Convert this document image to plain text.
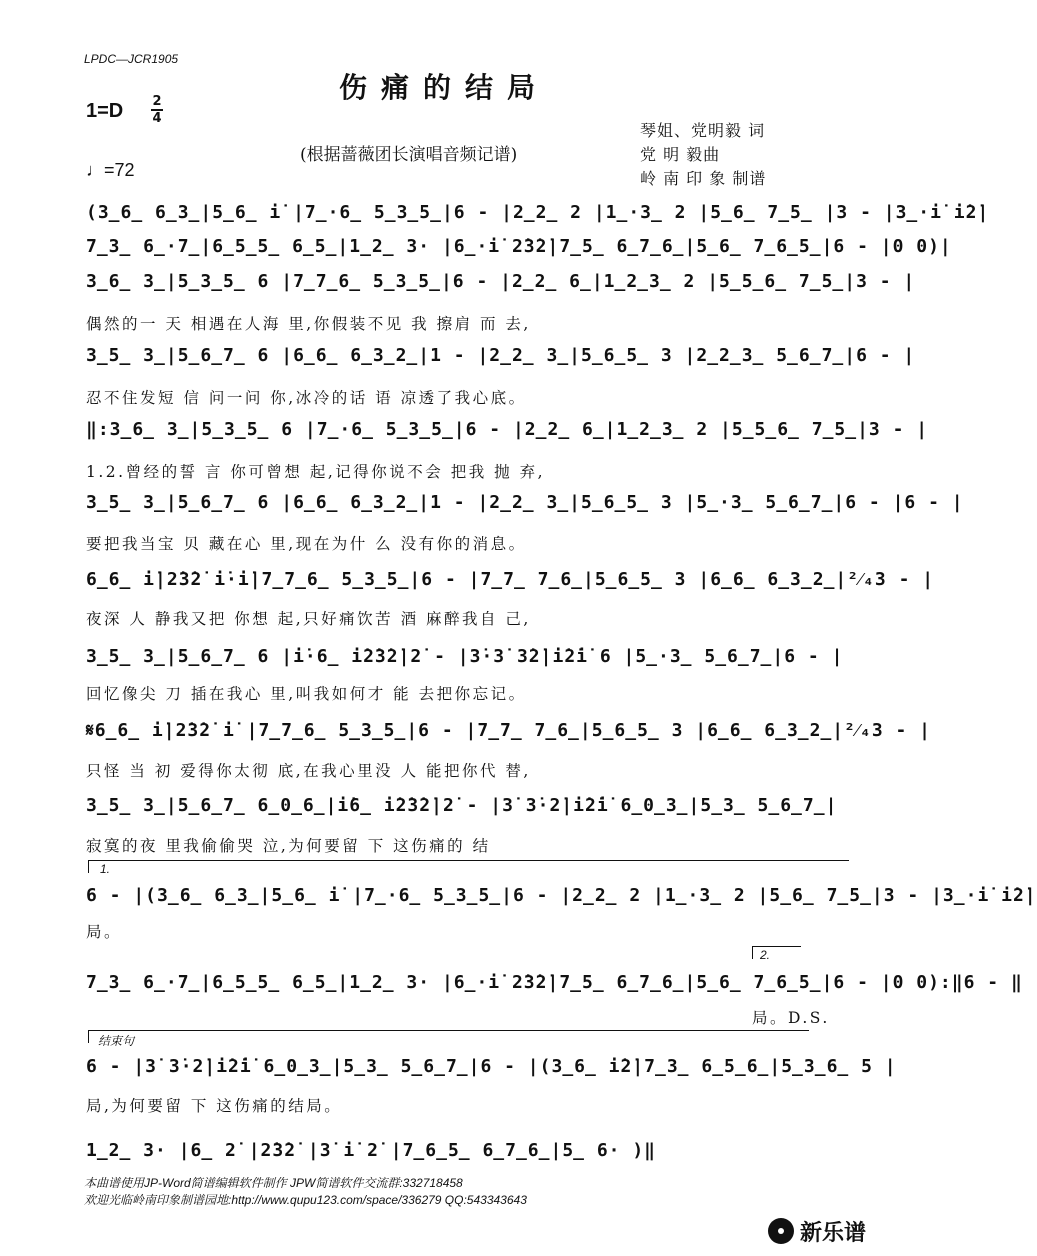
LPDC—JCR1905
伤痛的结局
1=D 2
4
(根据蔷薇团长演唱音频记谱)
♩=72
琴姐、党明毅 词
党 明 毅曲
岭 南 印 象 制谱
(3̲6̲ 6̲3̲|5̲6̲ i̇ |7̲·6̲ 5̲3̲5̲|6 - |2̲2̲ 2 |1̲·3̲ 2 |5̲6̲ 7̲5̲ |3 - |3̲·i̇ i̇2̇|
7̲3̲ 6̲·7̲|6̲5̲5̲ 6̲5̲|1̲2̲ 3· |6̲·i̇ 2̇3̇2̇|7̲5̲ 6̲7̲6̲|5̲6̲ 7̲6̲5̲|6 - |0 0)|
3̲6̲ 3̲|5̲3̲5̲ 6 |7̲7̲6̲ 5̲3̲5̲|6 - |2̲2̲ 6̲|1̲2̲3̲ 2 |5̲5̲6̲ 7̲5̲|3 - |
偶然的一 天 相遇在人海 里,你假装不见 我 擦肩 而 去,
3̲5̲ 3̲|5̲6̲7̲ 6 |6̲6̲ 6̲3̲2̲|1 - |2̲2̲ 3̲|5̲6̲5̲ 3 |2̲2̲3̲ 5̲6̲7̲|6 - |
忍不住发短 信 问一问 你,冰冷的话 语 凉透了我心底。
‖:3̲6̲ 3̲|5̲3̲5̲ 6 |7̲·6̲ 5̲3̲5̲|6 - |2̲2̲ 6̲|1̲2̲3̲ 2 |5̲5̲6̲ 7̲5̲|3 - |
1.2.曾经的誓 言 你可曾想 起,记得你说不会 把我 抛 弃,
3̲5̲ 3̲|5̲6̲7̲ 6 |6̲6̲ 6̲3̲2̲|1 - |2̲2̲ 3̲|5̲6̲5̲ 3 |5̲·3̲ 5̲6̲7̲|6 - |6 - |
要把我当宝 贝 藏在心 里,现在为什 么 没有你的消息。
6̲6̲ i̇|2̇3̇2̇ i̇·i̇|7̲7̲6̲ 5̲3̲5̲|6 - |7̲7̲ 7̲6̲|5̲6̲5̲ 3 |6̲6̲ 6̲3̲2̲|²⁄₄3 - |
夜深 人 静我又把 你想 起,只好痛饮苦 酒 麻醉我自 己,
3̲5̲ 3̲|5̲6̲7̲ 6 |i̇·6̲ i̇2̇3̇2̇|2̇ - |3̇·3̇ 3̇2̇|i̇2̇i̇ 6 |5̲·3̲ 5̲6̲7̲|6 - |
回忆像尖 刀 插在我心 里,叫我如何才 能 去把你忘记。
𝄋6̲6̲ i̇|2̇3̇2̇ i̇ |7̲7̲6̲ 5̲3̲5̲|6 - |7̲7̲ 7̲6̲|5̲6̲5̲ 3 |6̲6̲ 6̲3̲2̲|²⁄₄3 - |
只怪 当 初 爱得你太彻 底,在我心里没 人 能把你代 替,
3̲5̲ 3̲|5̲6̲7̲ 6̲0̲6̲|i̇6̲ i̇2̇3̇2̇|2̇ - |3̇ 3̇·2̇|i̇2̇i̇ 6̲0̲3̲|5̲3̲ 5̲6̲7̲|
寂寞的夜 里我偷偷哭 泣,为何要留 下 这伤痛的 结
1.
6 - |(3̲6̲ 6̲3̲|5̲6̲ i̇ |7̲·6̲ 5̲3̲5̲|6 - |2̲2̲ 2 |1̲·3̲ 2 |5̲6̲ 7̲5̲|3 - |3̲·i̇ i̇2̇|
局。
2.
7̲3̲ 6̲·7̲|6̲5̲5̲ 6̲5̲|1̲2̲ 3· |6̲·i̇ 2̇3̇2̇|7̲5̲ 6̲7̲6̲|5̲6̲ 7̲6̲5̲|6 - |0 0):‖6 - ‖
局。D.S.
结束句
6 - |3̇ 3̇·2̇|i̇2̇i̇ 6̲0̲3̲|5̲3̲ 5̲6̲7̲|6 - |(3̲6̲ i̇2̇|7̲3̲ 6̲5̲6̲|5̲3̲6̲ 5 |
局,为何要留 下 这伤痛的结局。
1̲2̲ 3· |6̲ 2̇ |2̇3̇2̇ |3̇ i̇ 2̇ |7̲6̲5̲ 6̲7̲6̲|5̲ 6· )‖
本曲谱使用JP-Word简谱编辑软件制作 JPW简谱软件交流群:332718458
欢迎光临岭南印象制谱园地:http://www.qupu123.com/space/336279 QQ:543343643
新乐谱
